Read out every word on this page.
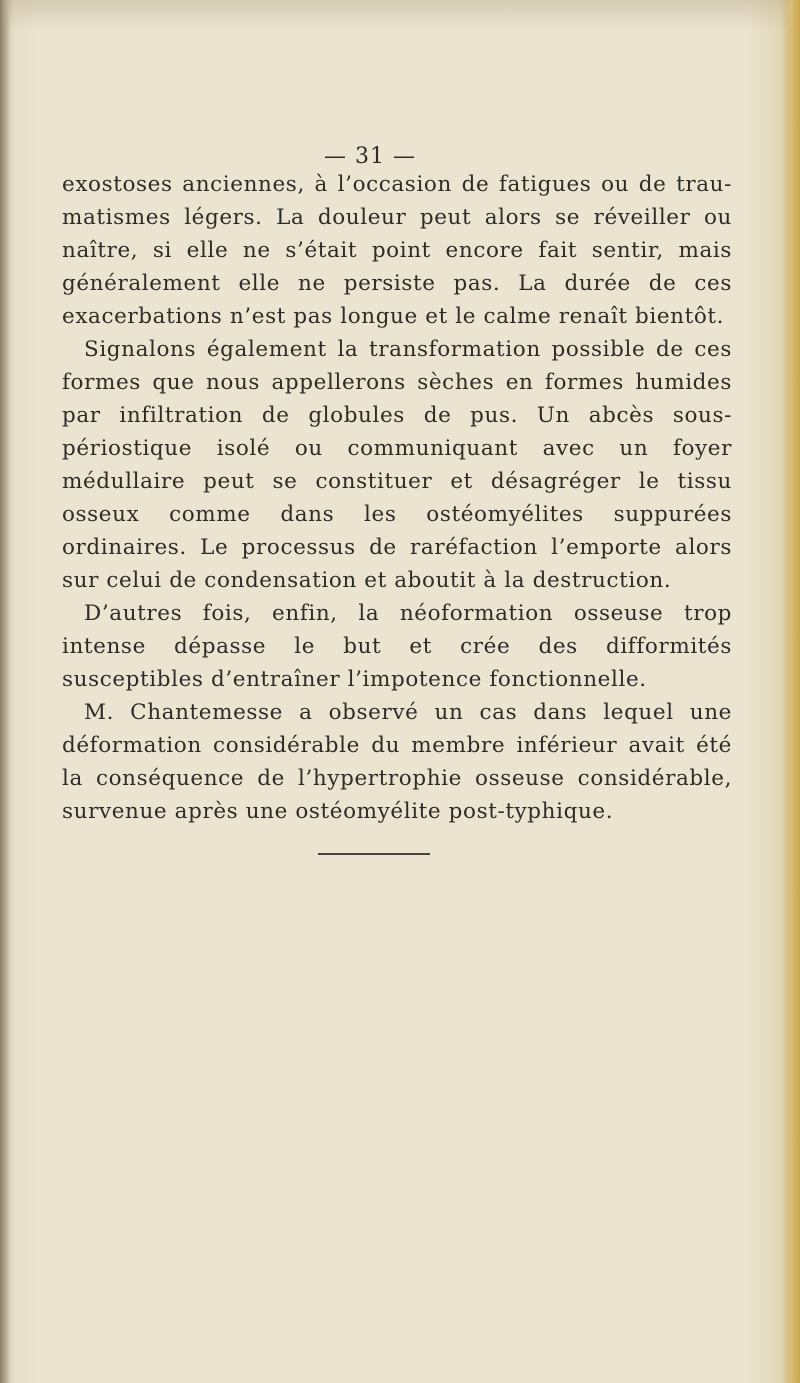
— 31 —

exostoses anciennes, à l’occasion de fatigues ou de trau-matismes légers. La douleur peut alors se réveiller ou naître, si elle ne s’était point encore fait sentir, mais généralement elle ne persiste pas. La durée de ces exacerbations n’est pas longue et le calme renaît bientôt.

Signalons également la transformation possible de ces formes que nous appellerons sèches en formes humides par infiltration de globules de pus. Un abcès sous-périostique isolé ou communiquant avec un foyer médullaire peut se constituer et désagréger le tissu osseux comme dans les ostéomyélites suppurées ordinaires. Le processus de raréfaction l’emporte alors sur celui de condensation et aboutit à la destruction.

D’autres fois, enfin, la néoformation osseuse trop intense dépasse le but et crée des difformités susceptibles d’entraîner l’impotence fonctionnelle.

M. Chantemesse a observé un cas dans lequel une déformation considérable du membre inférieur avait été la conséquence de l’hypertrophie osseuse considérable, survenue après une ostéomyélite post-typhique.
